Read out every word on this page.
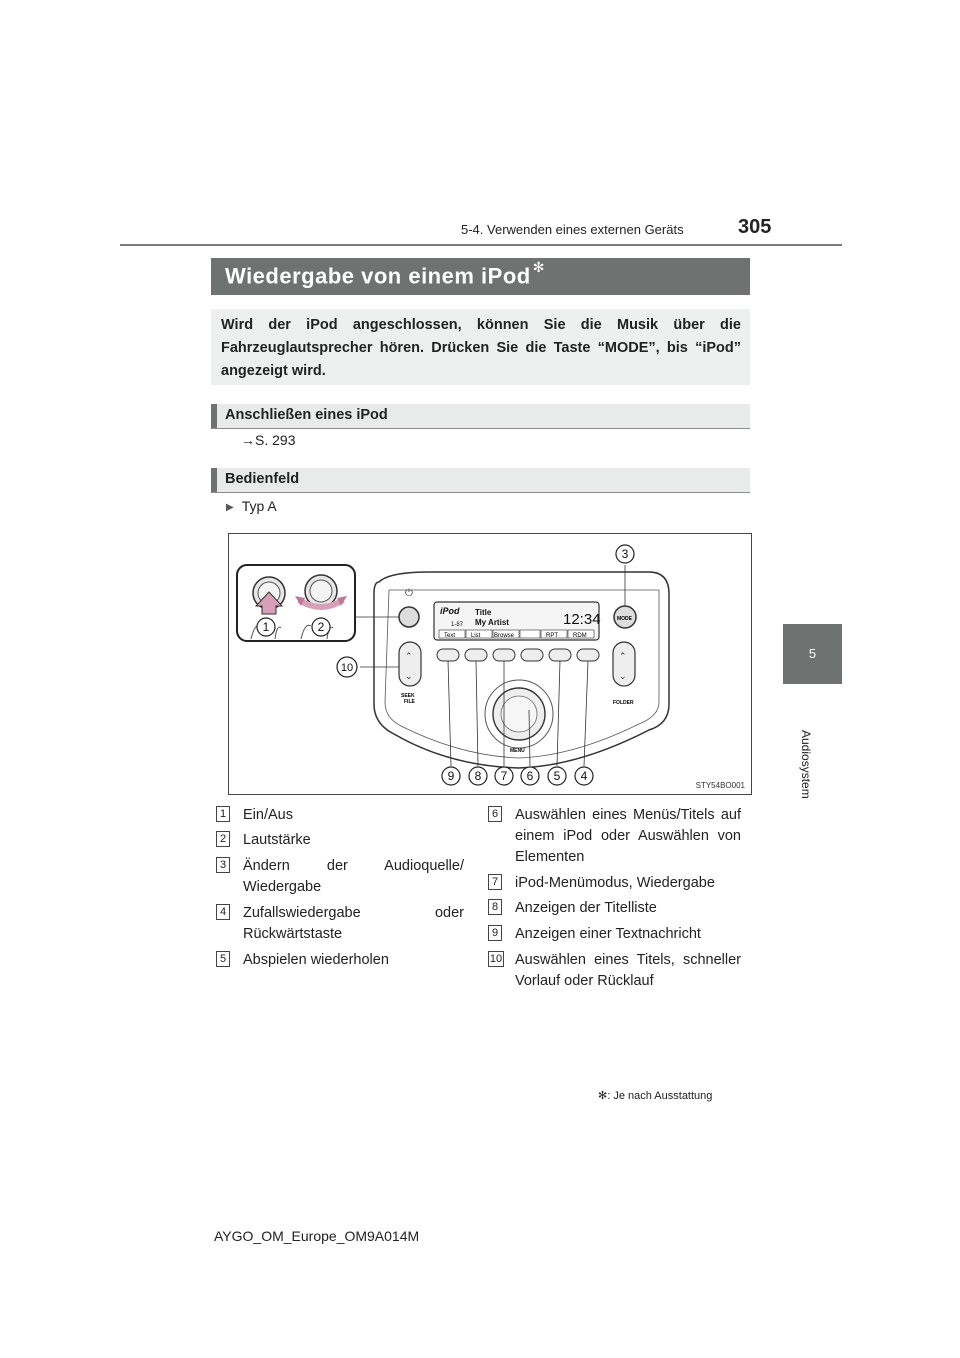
5-4. Verwenden eines externen Geräts	305
5
Audiosystem
Wiedergabe von einem iPod ✻
Wird der iPod angeschlossen, können Sie die Musik über die Fahrzeuglautsprecher hören. Drücken Sie die Taste “MODE”, bis “iPod” angezeigt wird.
Anschließen eines iPod
→S. 293
Bedienfeld
▶ Typ A
⏻
iPod Title
My Artist
1-87	12:34
Text	List Browse	RPT	RDM
MODE
⌃
⌄
SEEK
FILE
⌃
⌄
FOLDER
MENU
1	2
3
4
5
6
7
8
9
10
STY54BO001
1 Ein/Aus
2 Lautstärke
3 Ändern der Audioquelle/ Wiedergabe
4 Zufallswiedergabe oder Rückwärtstaste
5 Abspielen wiederholen
6 Auswählen eines Menüs/Titels auf einem iPod oder Auswählen von Elementen
7 iPod-Menümodus, Wiedergabe
8 Anzeigen der Titelliste
9 Anzeigen einer Textnachricht
10 Auswählen eines Titels, schneller Vorlauf oder Rücklauf
✻: Je nach Ausstattung
AYGO_OM_Europe_OM9A014M
